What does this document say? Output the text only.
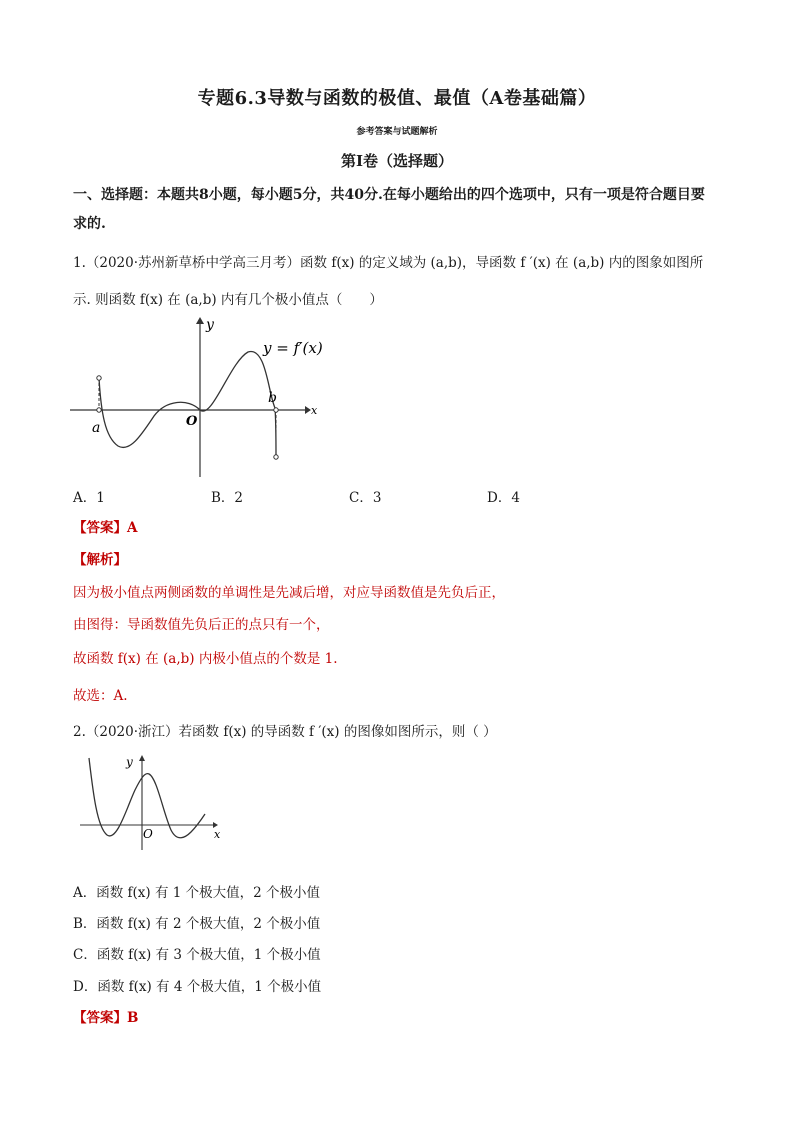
专题6.3导数与函数的极值、最值（A卷基础篇）
参考答案与试题解析
第Ⅰ卷（选择题）
一、选择题：本题共8小题，每小题5分，共40分.在每小题给出的四个选项中，只有一项是符合题目要
求的.
1.（2020·苏州新草桥中学高三月考）函数 f(x) 的定义域为 (a,b)，导函数 f ′(x) 在 (a,b) 内的图象如图所
示. 则函数 f(x) 在 (a,b) 内有几个极小值点（　　）
y
x
O
a
b
y = f′(x)
A．1	B．2	C．3	D．4
【答案】A
【解析】
因为极小值点两侧函数的单调性是先减后增，对应导函数值是先负后正，
由图得：导函数值先负后正的点只有一个，
故函数 f(x) 在 (a,b) 内极小值点的个数是 1.
故选：A.
2.（2020·浙江）若函数 f(x) 的导函数 f ′(x) 的图像如图所示，则（ ）
y
x
O
A．函数 f(x) 有 1 个极大值，2 个极小值
B．函数 f(x) 有 2 个极大值，2 个极小值
C．函数 f(x) 有 3 个极大值，1 个极小值
D．函数 f(x) 有 4 个极大值，1 个极小值
【答案】B
